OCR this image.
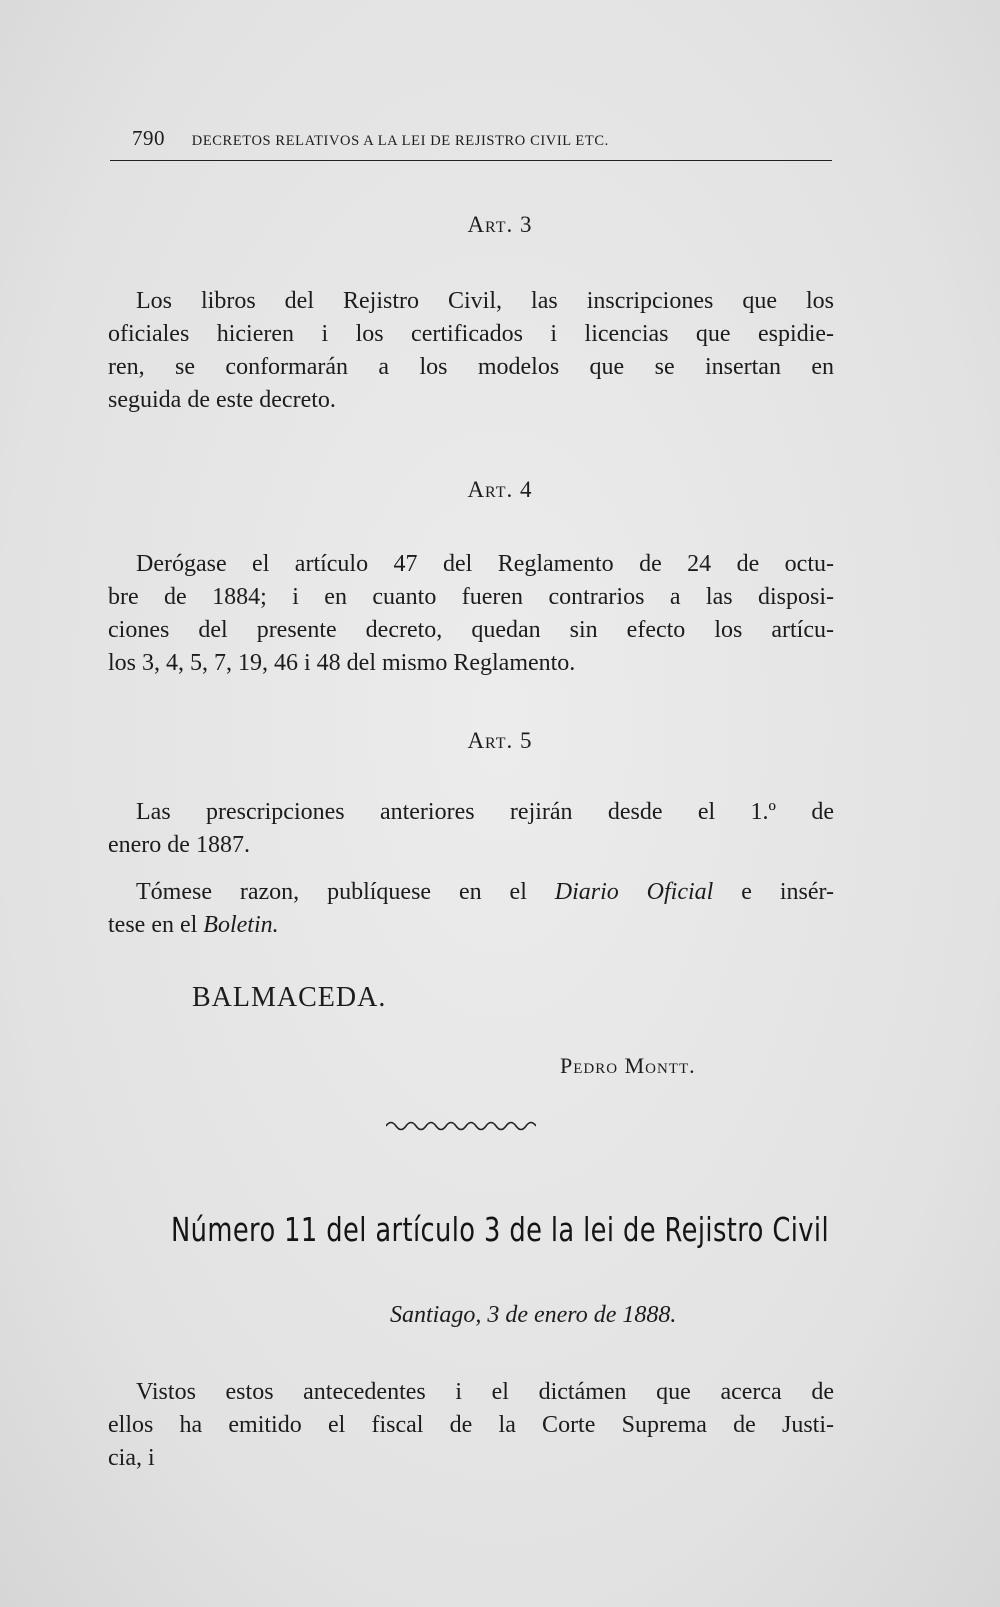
790 DECRETOS RELATIVOS A LA LEI DE REJISTRO CIVIL ETC.
Art. 3
Los libros del Rejistro Civil, las inscripciones que los
oficiales hicieren i los certificados i licencias que espidie-
ren, se conformarán a los modelos que se insertan en
seguida de este decreto.
Art. 4
Derógase el artículo 47 del Reglamento de 24 de octu-
bre de 1884; i en cuanto fueren contrarios a las disposi-
ciones del presente decreto, quedan sin efecto los artícu-
los 3, 4, 5, 7, 19, 46 i 48 del mismo Reglamento.
Art. 5
Las prescripciones anteriores rejirán desde el 1.º de
enero de 1887.
Tómese razon, publíquese en el Diario Oficial e insér-
tese en el Boletin.
BALMACEDA.
Pedro Montt.
Número 11 del artículo 3 de la lei de Rejistro Civil
Santiago, 3 de enero de 1888.
Vistos estos antecedentes i el dictámen que acerca de
ellos ha emitido el fiscal de la Corte Suprema de Justi-
cia, i
